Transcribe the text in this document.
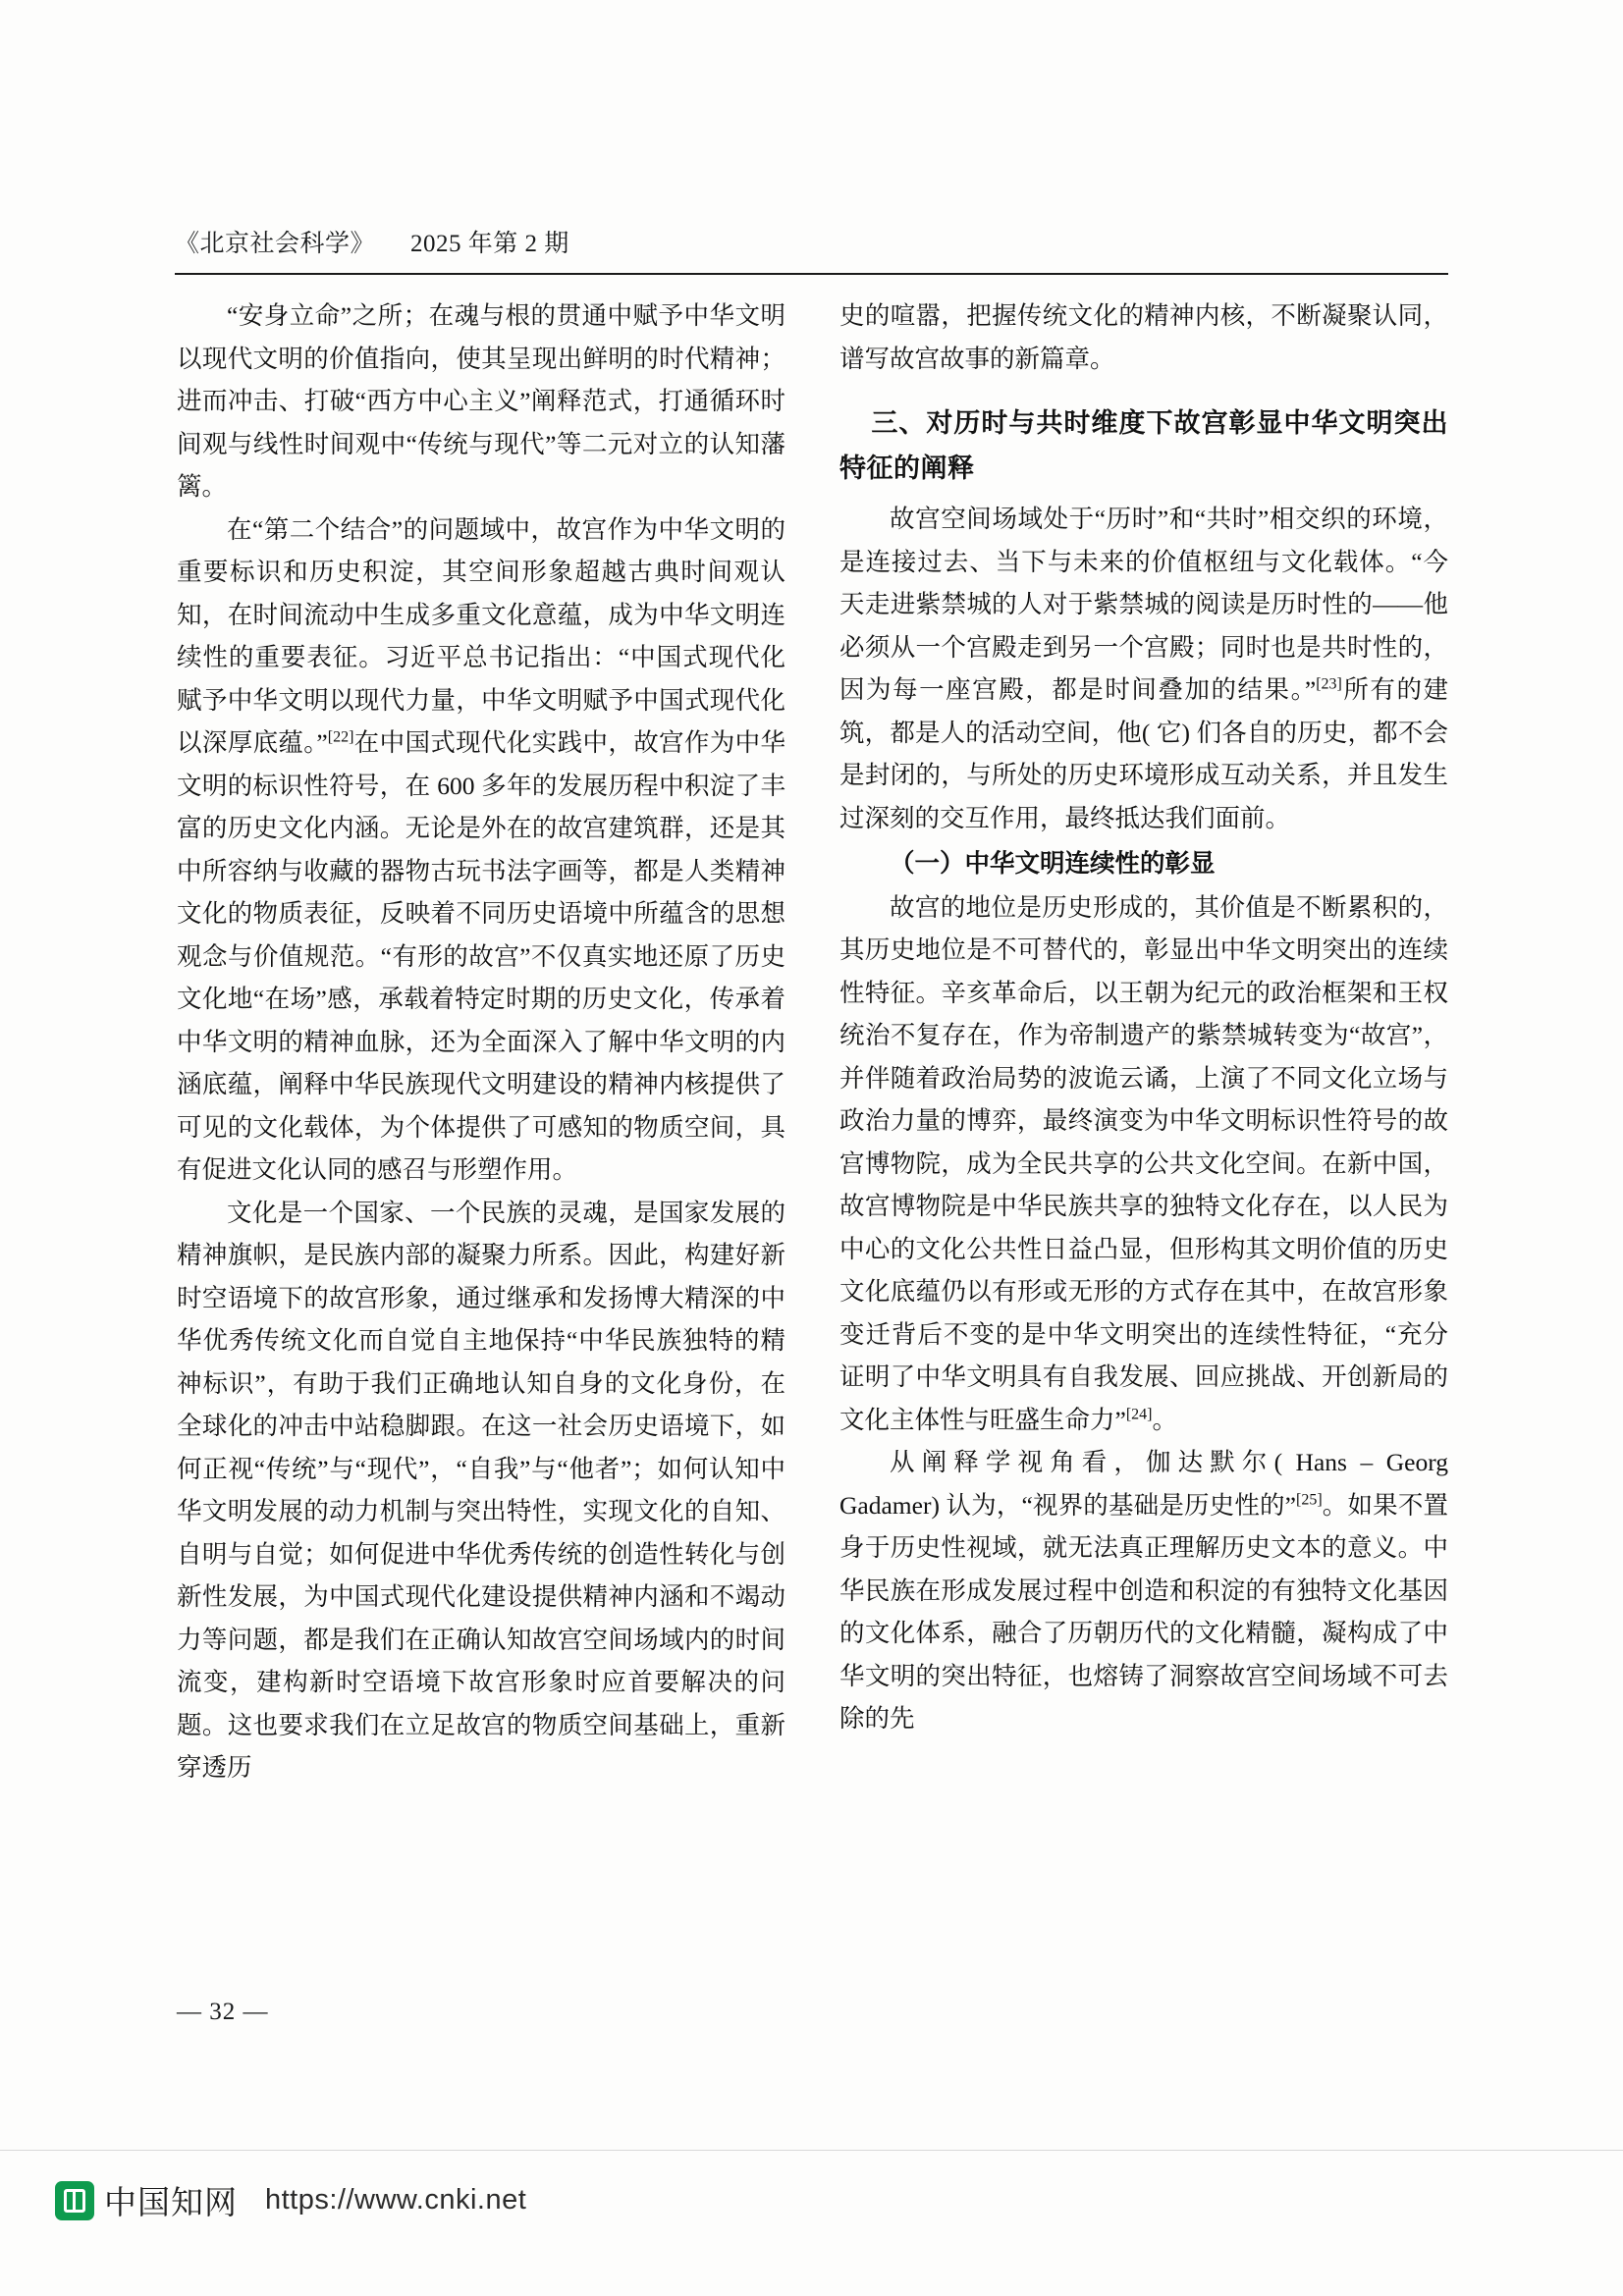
《北京社会科学》 2025 年第 2 期

“安身立命”之所；在魂与根的贯通中赋予中华文明以现代文明的价值指向，使其呈现出鲜明的时代精神；进而冲击、打破“西方中心主义”阐释范式，打通循环时间观与线性时间观中“传统与现代”等二元对立的认知藩篱。

在“第二个结合”的问题域中，故宫作为中华文明的重要标识和历史积淀，其空间形象超越古典时间观认知，在时间流动中生成多重文化意蕴，成为中华文明连续性的重要表征。习近平总书记指出：“中国式现代化赋予中华文明以现代力量，中华文明赋予中国式现代化以深厚底蕴。”[22]在中国式现代化实践中，故宫作为中华文明的标识性符号，在 600 多年的发展历程中积淀了丰富的历史文化内涵。无论是外在的故宫建筑群，还是其中所容纳与收藏的器物古玩书法字画等，都是人类精神文化的物质表征，反映着不同历史语境中所蕴含的思想观念与价值规范。“有形的故宫”不仅真实地还原了历史文化地“在场”感，承载着特定时期的历史文化，传承着中华文明的精神血脉，还为全面深入了解中华文明的内涵底蕴，阐释中华民族现代文明建设的精神内核提供了可见的文化载体，为个体提供了可感知的物质空间，具有促进文化认同的感召与形塑作用。

文化是一个国家、一个民族的灵魂，是国家发展的精神旗帜，是民族内部的凝聚力所系。因此，构建好新时空语境下的故宫形象，通过继承和发扬博大精深的中华优秀传统文化而自觉自主地保持“中华民族独特的精神标识”，有助于我们正确地认知自身的文化身份，在全球化的冲击中站稳脚跟。在这一社会历史语境下，如何正视“传统”与“现代”，“自我”与“他者”；如何认知中华文明发展的动力机制与突出特性，实现文化的自知、自明与自觉；如何促进中华优秀传统的创造性转化与创新性发展，为中国式现代化建设提供精神内涵和不竭动力等问题，都是我们在正确认知故宫空间场域内的时间流变，建构新时空语境下故宫形象时应首要解决的问题。这也要求我们在立足故宫的物质空间基础上，重新穿透历

史的喧嚣，把握传统文化的精神内核，不断凝聚认同，谱写故宫故事的新篇章。

三、对历时与共时维度下故宫彰显中华文明突出特征的阐释

故宫空间场域处于“历时”和“共时”相交织的环境，是连接过去、当下与未来的价值枢纽与文化载体。“今天走进紫禁城的人对于紫禁城的阅读是历时性的——他必须从一个宫殿走到另一个宫殿；同时也是共时性的，因为每一座宫殿，都是时间叠加的结果。”[23]所有的建筑，都是人的活动空间，他( 它) 们各自的历史，都不会是封闭的，与所处的历史环境形成互动关系，并且发生过深刻的交互作用，最终抵达我们面前。

（一）中华文明连续性的彰显

故宫的地位是历史形成的，其价值是不断累积的，其历史地位是不可替代的，彰显出中华文明突出的连续性特征。辛亥革命后，以王朝为纪元的政治框架和王权统治不复存在，作为帝制遗产的紫禁城转变为“故宫”，并伴随着政治局势的波诡云谲，上演了不同文化立场与政治力量的博弈，最终演变为中华文明标识性符号的故宫博物院，成为全民共享的公共文化空间。在新中国，故宫博物院是中华民族共享的独特文化存在，以人民为中心的文化公共性日益凸显，但形构其文明价值的历史文化底蕴仍以有形或无形的方式存在其中，在故宫形象变迁背后不变的是中华文明突出的连续性特征，“充分证明了中华文明具有自我发展、回应挑战、开创新局的文化主体性与旺盛生命力”[24]。

从阐释学视角看，伽达默尔( Hans – Georg Gadamer) 认为，“视界的基础是历史性的”[25]。如果不置身于历史性视域，就无法真正理解历史文本的意义。中华民族在形成发展过程中创造和积淀的有独特文化基因的文化体系，融合了历朝历代的文化精髓，凝构成了中华文明的突出特征，也熔铸了洞察故宫空间场域不可去除的先

— 32 —
中国知网 https://www.cnki.net
